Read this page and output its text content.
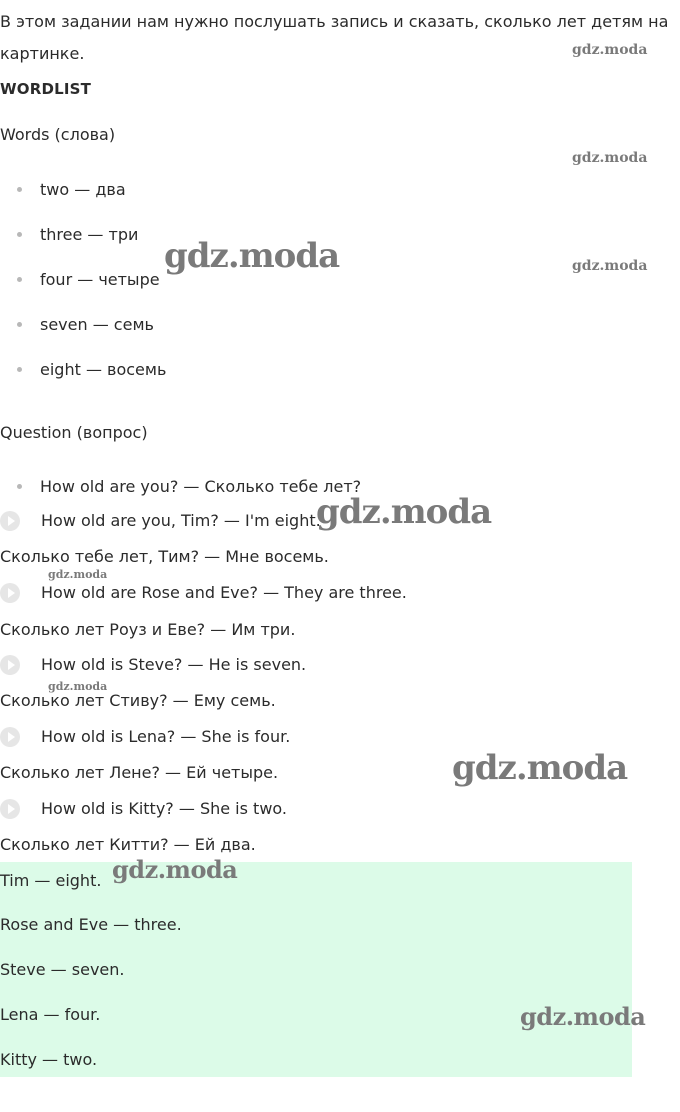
В этом задании нам нужно послушать запись и сказать, сколько лет детям на картинке.
WORDLIST
Words (слова)
two — два
three — три
four — четыре
seven — семь
eight — восемь
Question (вопрос)
How old are you? — Сколько тебе лет?
How old are you, Tim? — I'm eight.
Сколько тебе лет, Тим? — Мне восемь.
How old are Rose and Eve? — They are three.
Сколько лет Роуз и Еве? — Им три.
How old is Steve? — He is seven.
Сколько лет Стиву? — Ему семь.
How old is Lena? — She is four.
Сколько лет Лене? — Ей четыре.
How old is Kitty? — She is two.
Сколько лет Китти? — Ей два.
Tim — eight.
Rose and Eve — three.
Steve — seven.
Lena — four.
Kitty — two.
gdz.moda
gdz.moda
gdz.moda
gdz.moda
gdz.moda
gdz.moda
gdz.moda
gdz.moda
gdz.moda
gdz.moda
